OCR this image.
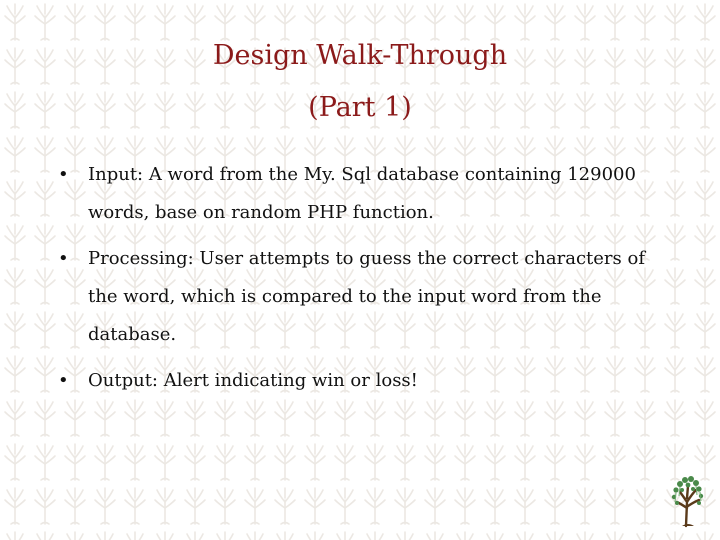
Design Walk-Through
(Part 1)
• Input: A word from the My. Sql database containing 129000 words, base on random PHP function.
• Processing: User attempts to guess the correct characters of the word, which is compared to the input word from the database.
• Output: Alert indicating win or loss!
